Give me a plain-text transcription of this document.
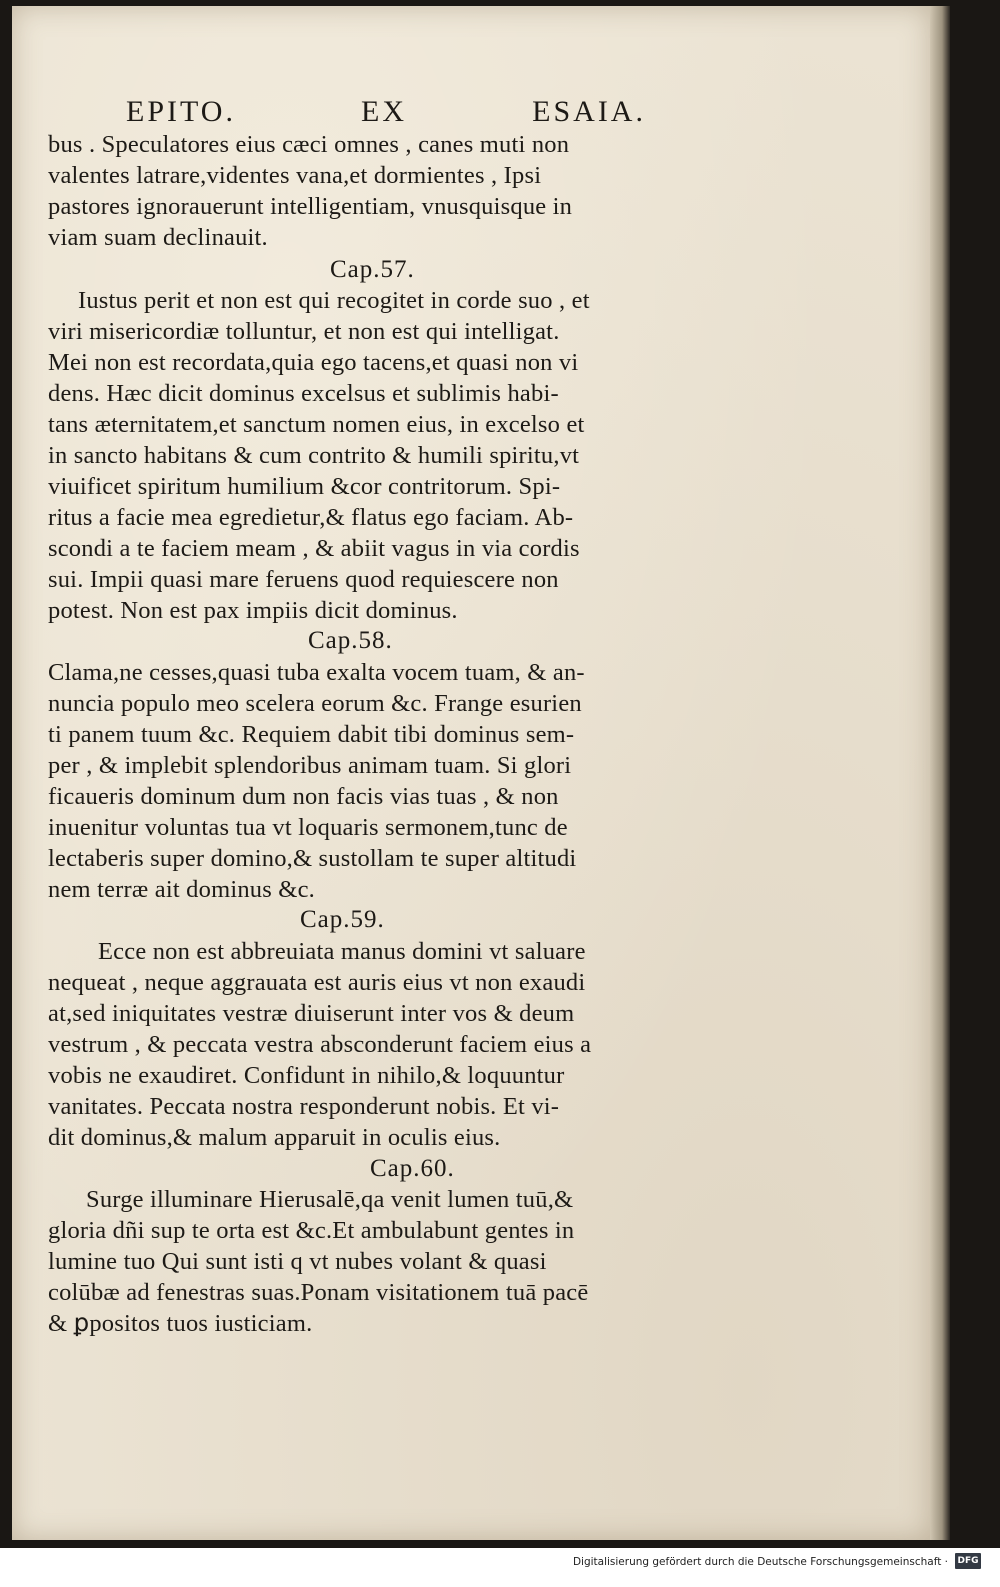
EPITO.	EX	ESAIA.
bus . Speculatores eius cæci omnes , canes muti non
valentes latrare,videntes vana,et dormientes , Ipsi
pastores ignorauerunt intelligentiam, vnusquisque in
viam suam declinauit.
Cap.57.
Iustus perit et non est qui recogitet in corde suo , et
viri misericordiæ tolluntur, et non est qui intelligat.
Mei non est recordata,quia ego tacens,et quasi non vi
dens. Hæc dicit dominus excelsus et sublimis habi-
tans æternitatem,et sanctum nomen eius, in excelso et
in sancto habitans & cum contrito & humili spiritu,vt
viuificet spiritum humilium &cor contritorum. Spi-
ritus a facie mea egredietur,& flatus ego faciam. Ab-
scondi a te faciem meam , & abiit vagus in via cordis
sui. Impii quasi mare feruens quod requiescere non
potest. Non est pax impiis dicit dominus.
Cap.58.
Clama,ne cesses,quasi tuba exalta vocem tuam, & an-
nuncia populo meo scelera eorum &c. Frange esurien
ti panem tuum &c. Requiem dabit tibi dominus sem-
per , & implebit splendoribus animam tuam. Si glori
ficaueris dominum dum non facis vias tuas , & non
inuenitur voluntas tua vt loquaris sermonem,tunc de
lectaberis super domino,& sustollam te super altitudi
nem terræ ait dominus &c.
Cap.59.
Ecce non est abbreuiata manus domini vt saluare
nequeat , neque aggrauata est auris eius vt non exaudi
at,sed iniquitates vestræ diuiserunt inter vos & deum
vestrum , & peccata vestra absconderunt faciem eius a
vobis ne exaudiret. Confidunt in nihilo,& loquuntur
vanitates. Peccata nostra responderunt nobis. Et vi-
dit dominus,& malum apparuit in oculis eius.
Cap.60.
Surge illuminare Hierusalē,qa venit lumen tuū,&
gloria dñi sup te orta est &c.Et ambulabunt gentes in
lumine tuo Qui sunt isti q vt nubes volant & quasi
colūbæ ad fenestras suas.Ponam visitationem tuā pacē
& ꝑpositos tuos iusticiam.
Digitalisierung gefördert durch die Deutsche Forschungsgemeinschaft · DFG
